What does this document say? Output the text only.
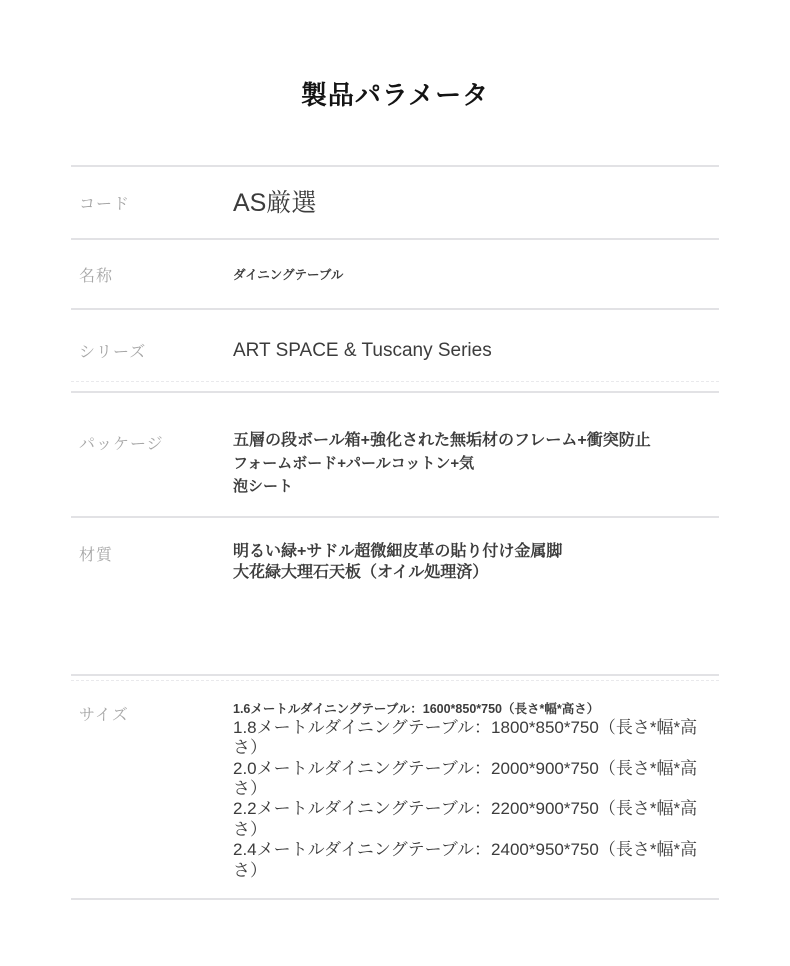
製品パラメータ
コード	AS厳選

名称	ダイニングテーブル

シリーズ	ART SPACE & Tuscany Series

パッケージ	五層の段ボール箱+強化された無垢材のフレーム+衝突防止

フォームボード+パールコットン+気泡シート

材質	明るい緑+サドル超微細皮革の貼り付け金属脚

大花緑大理石天板（オイル処理済）

サイズ	1.6メートルダイニングテーブル：1600*850*750（長さ*幅*高さ）

1.8メートルダイニングテーブル：1800*850*750（長さ*幅*高さ）

2.0メートルダイニングテーブル：2000*900*750（長さ*幅*高さ）

2.2メートルダイニングテーブル：2200*900*750（長さ*幅*高さ）

2.4メートルダイニングテーブル：2400*950*750（長さ*幅*高さ）
